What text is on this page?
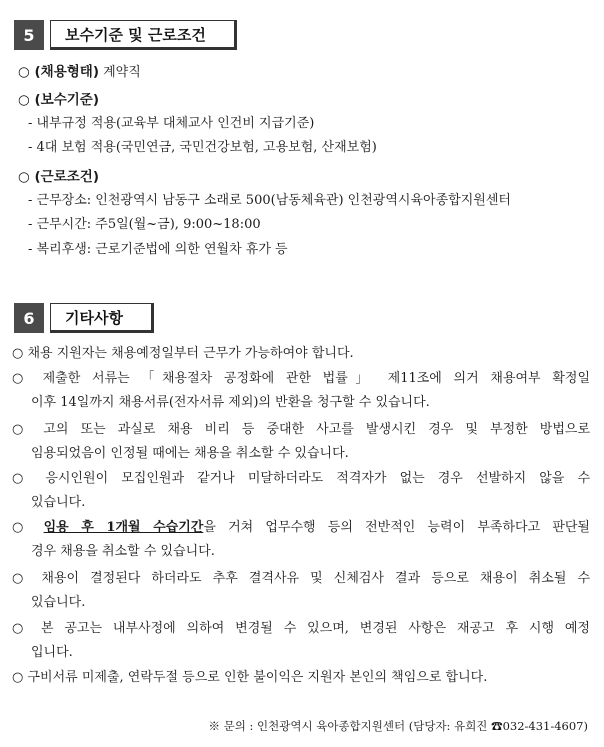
5	보수기준 및 근로조건
○ (채용형태) 계약직
○ (보수기준)
- 내부규정 적용(교육부 대체교사 인건비 지급기준)
- 4대 보험 적용(국민연금, 국민건강보험, 고용보험, 산재보험)
○ (근로조건)
- 근무장소: 인천광역시 남동구 소래로 500(남동체육관) 인천광역시육아종합지원센터
- 근무시간: 주5일(월~금), 9:00~18:00
- 복리후생: 근로기준법에 의한 연월차 휴가 등
6	기타사항
○ 채용 지원자는 채용예정일부터 근무가 가능하여야 합니다.
○ 제출한 서류는 「채용절차 공정화에 관한 법률」 제11조에 의거 채용여부 확정일
이후 14일까지 채용서류(전자서류 제외)의 반환을 청구할 수 있습니다.
○ 고의 또는 과실로 채용 비리 등 중대한 사고를 발생시킨 경우 및 부정한 방법으로
임용되었음이 인정될 때에는 채용을 취소할 수 있습니다.
○ 응시인원이 모집인원과 같거나 미달하더라도 적격자가 없는 경우 선발하지 않을 수
있습니다.
○ 임용 후 1개월 수습기간을 거쳐 업무수행 등의 전반적인 능력이 부족하다고 판단될
경우 채용을 취소할 수 있습니다.
○ 채용이 결정된다 하더라도 추후 결격사유 및 신체검사 결과 등으로 채용이 취소될 수
있습니다.
○ 본 공고는 내부사정에 의하여 변경될 수 있으며, 변경된 사항은 재공고 후 시행 예정
입니다.
○ 구비서류 미제출, 연락두절 등으로 인한 불이익은 지원자 본인의 책임으로 합니다.
※ 문의 : 인천광역시 육아종합지원센터 (담당자: 유희진 ☎032-431-4607)
